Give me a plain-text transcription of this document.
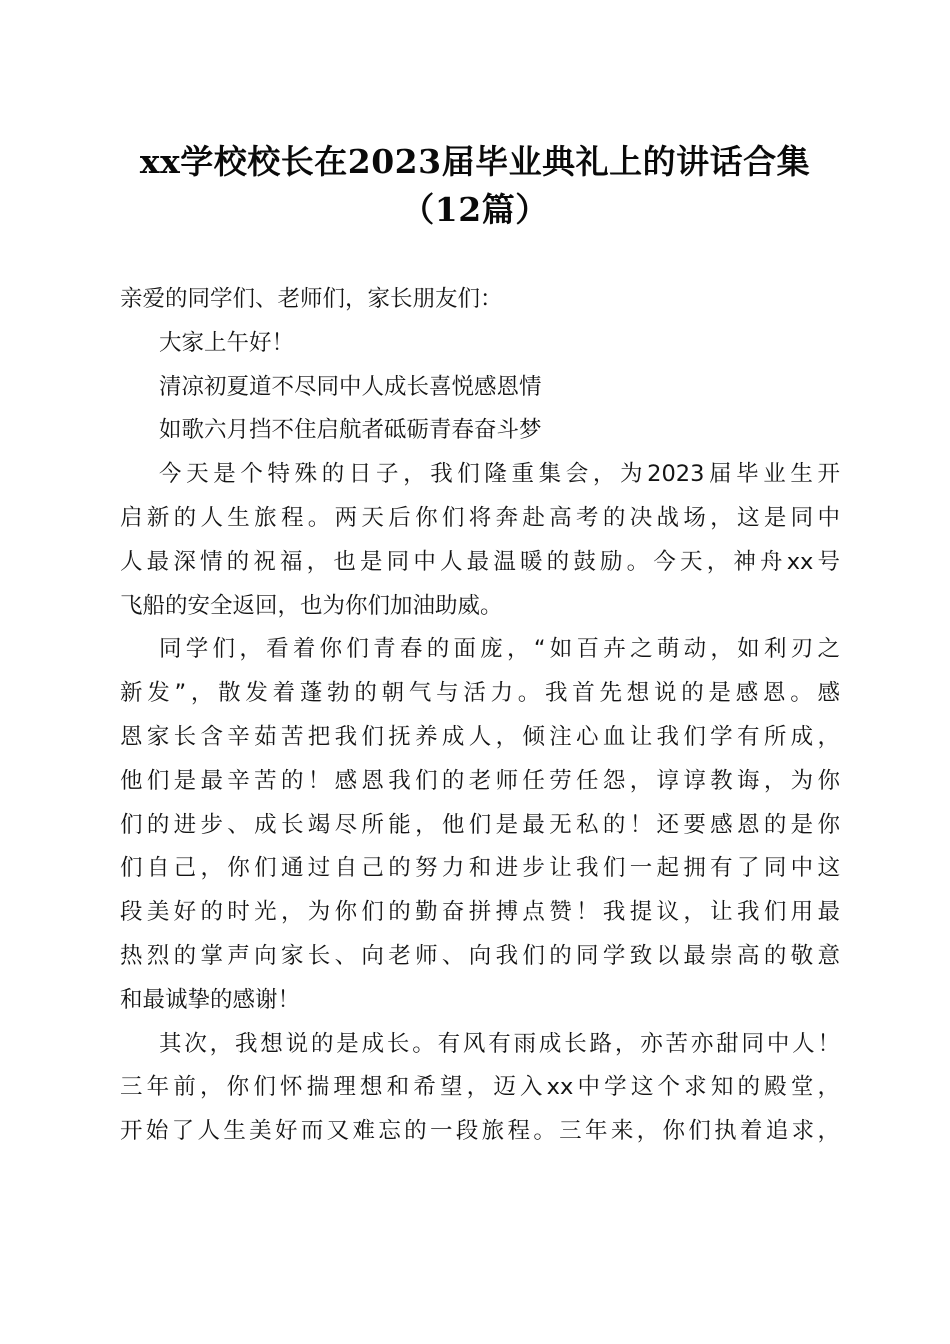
xx学校校长在2023届毕业典礼上的讲话合集
（12篇）
亲爱的同学们、老师们，家长朋友们：
大家上午好！
清凉初夏道不尽同中人成长喜悦感恩情
如歌六月挡不住启航者砥砺青春奋斗梦
今天是个特殊的日子，我们隆重集会，为2023届毕业生开
启新的人生旅程。两天后你们将奔赴高考的决战场，这是同中
人最深情的祝福，也是同中人最温暖的鼓励。今天，神舟xx号
飞船的安全返回，也为你们加油助威。
同学们，看着你们青春的面庞，“如百卉之萌动，如利刃之
新发”，散发着蓬勃的朝气与活力。我首先想说的是感恩。感
恩家长含辛茹苦把我们抚养成人，倾注心血让我们学有所成，
他们是最辛苦的！感恩我们的老师任劳任怨，谆谆教诲，为你
们的进步、成长竭尽所能，他们是最无私的！还要感恩的是你
们自己，你们通过自己的努力和进步让我们一起拥有了同中这
段美好的时光，为你们的勤奋拼搏点赞！我提议，让我们用最
热烈的掌声向家长、向老师、向我们的同学致以最崇高的敬意
和最诚挚的感谢！
其次，我想说的是成长。有风有雨成长路，亦苦亦甜同中人！
三年前，你们怀揣理想和希望，迈入xx中学这个求知的殿堂，
开始了人生美好而又难忘的一段旅程。三年来，你们执着追求，
